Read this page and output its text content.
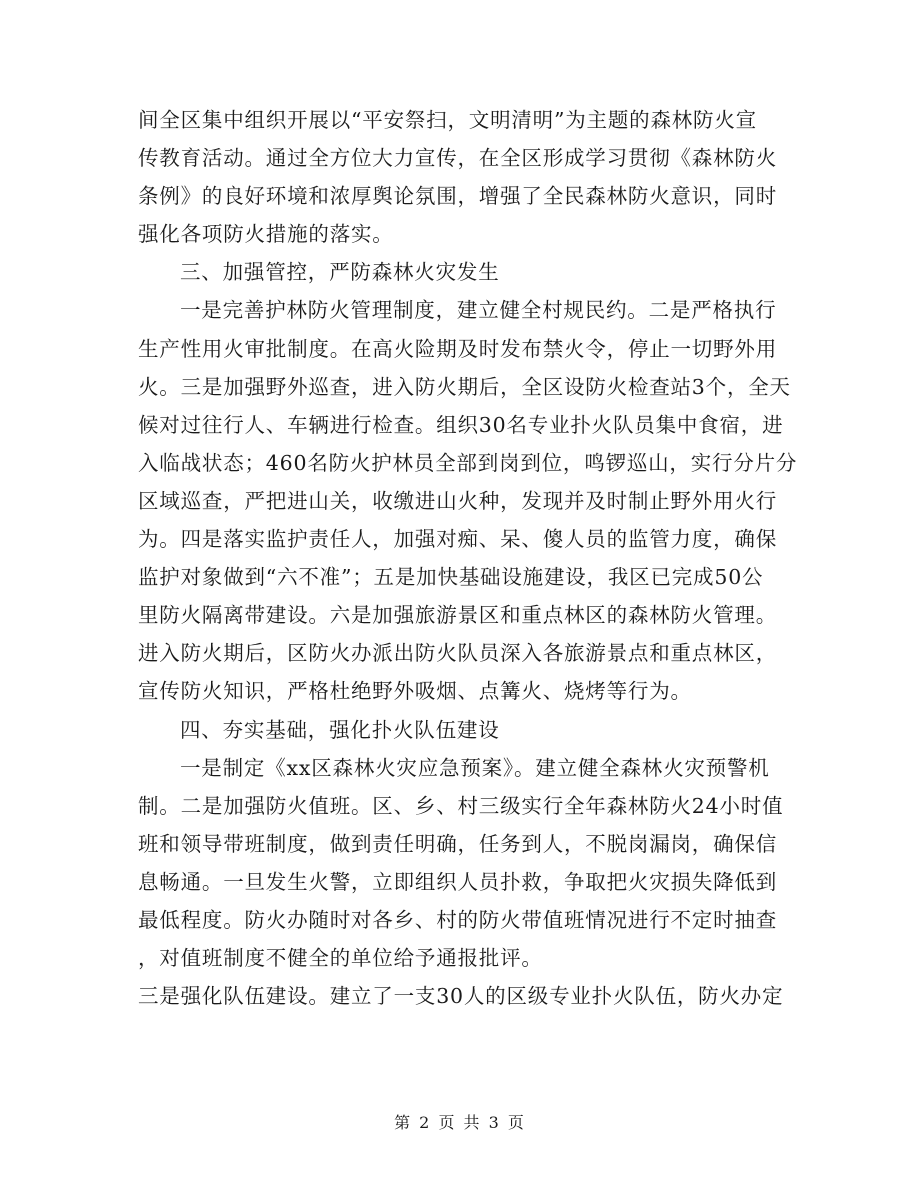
间全区集中组织开展以“平安祭扫，文明清明”为主题的森林防火宣
传教育活动。通过全方位大力宣传，在全区形成学习贯彻《森林防火
条例》的良好环境和浓厚舆论氛围，增强了全民森林防火意识，同时
强化各项防火措施的落实。
三、加强管控，严防森林火灾发生
一是完善护林防火管理制度，建立健全村规民约。二是严格执行
生产性用火审批制度。在高火险期及时发布禁火令，停止一切野外用
火。三是加强野外巡查，进入防火期后，全区设防火检查站3个，全天
候对过往行人、车辆进行检查。组织30名专业扑火队员集中食宿，进
入临战状态；460名防火护林员全部到岗到位，鸣锣巡山，实行分片分
区域巡查，严把进山关，收缴进山火种，发现并及时制止野外用火行
为。四是落实监护责任人，加强对痴、呆、傻人员的监管力度，确保
监护对象做到“六不准”；五是加快基础设施建设，我区已完成50公
里防火隔离带建设。六是加强旅游景区和重点林区的森林防火管理。
进入防火期后，区防火办派出防火队员深入各旅游景点和重点林区，
宣传防火知识，严格杜绝野外吸烟、点篝火、烧烤等行为。
四、夯实基础，强化扑火队伍建设
一是制定《xx区森林火灾应急预案》。建立健全森林火灾预警机
制。二是加强防火值班。区、乡、村三级实行全年森林防火24小时值
班和领导带班制度，做到责任明确，任务到人，不脱岗漏岗，确保信
息畅通。一旦发生火警，立即组织人员扑救，争取把火灾损失降低到
最低程度。防火办随时对各乡、村的防火带值班情况进行不定时抽查
，对值班制度不健全的单位给予通报批评。
三是强化队伍建设。建立了一支30人的区级专业扑火队伍，防火办定
第 2 页 共 3 页
